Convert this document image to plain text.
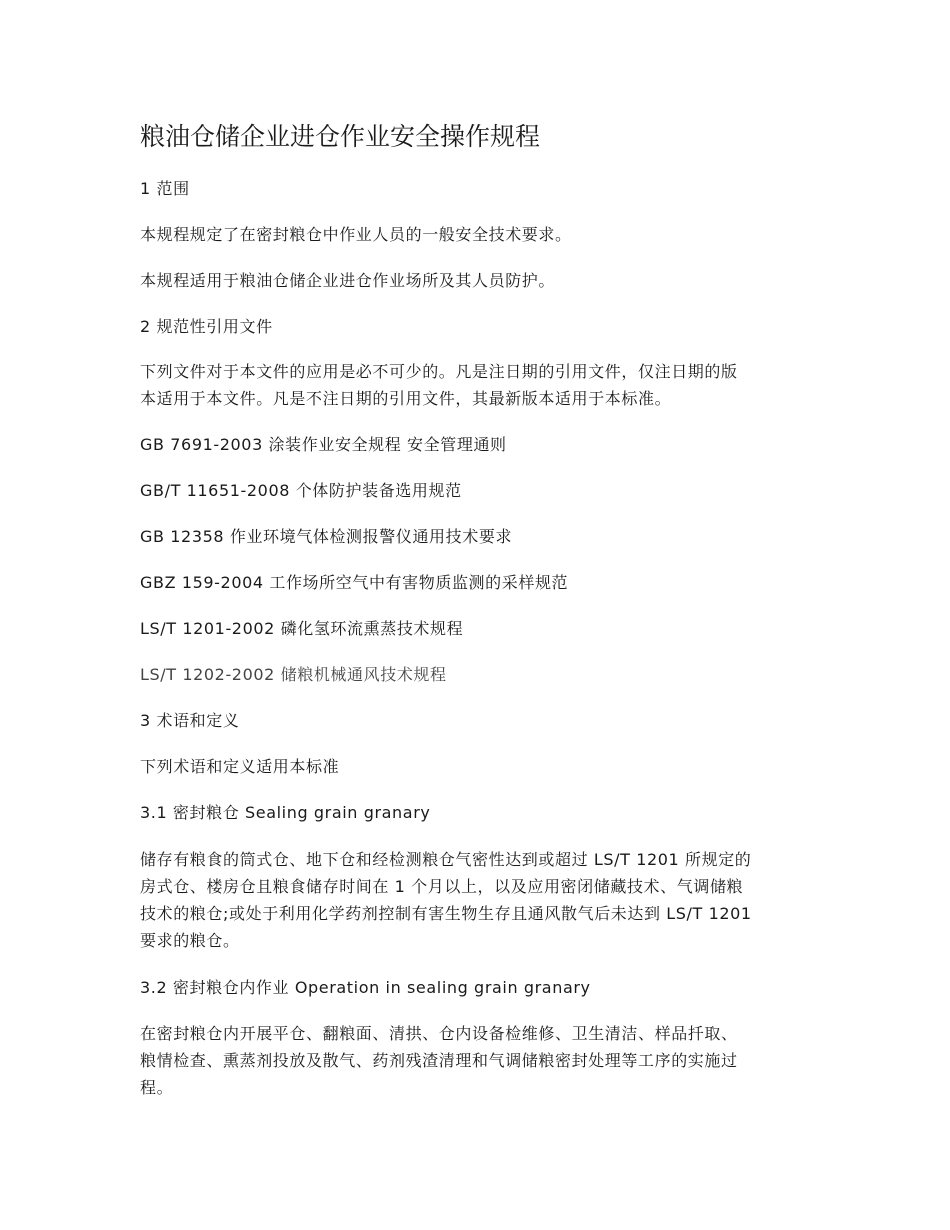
粮油仓储企业进仓作业安全操作规程
1 范围
本规程规定了在密封粮仓中作业人员的一般安全技术要求。
本规程适用于粮油仓储企业进仓作业场所及其人员防护。
2 规范性引用文件
下列文件对于本文件的应用是必不可少的。凡是注日期的引用文件，仅注日期的版
本适用于本文件。凡是不注日期的引用文件，其最新版本适用于本标准。
GB 7691-2003 涂装作业安全规程 安全管理通则
GB/T 11651-2008 个体防护装备选用规范
GB 12358 作业环境气体检测报警仪通用技术要求
GBZ 159-2004 工作场所空气中有害物质监测的采样规范
LS/T 1201-2002 磷化氢环流熏蒸技术规程
LS/T 1202-2002 储粮机械通风技术规程
3 术语和定义
下列术语和定义适用本标准
3.1 密封粮仓 Sealing grain granary
储存有粮食的筒式仓、地下仓和经检测粮仓气密性达到或超过 LS/T 1201 所规定的
房式仓、楼房仓且粮食储存时间在 1 个月以上，以及应用密闭储藏技术、气调储粮
技术的粮仓;或处于利用化学药剂控制有害生物生存且通风散气后未达到 LS/T 1201
要求的粮仓。
3.2 密封粮仓内作业 Operation in sealing grain granary
在密封粮仓内开展平仓、翻粮面、清拱、仓内设备检维修、卫生清洁、样品扦取、
粮情检查、熏蒸剂投放及散气、药剂残渣清理和气调储粮密封处理等工序的实施过
程。
